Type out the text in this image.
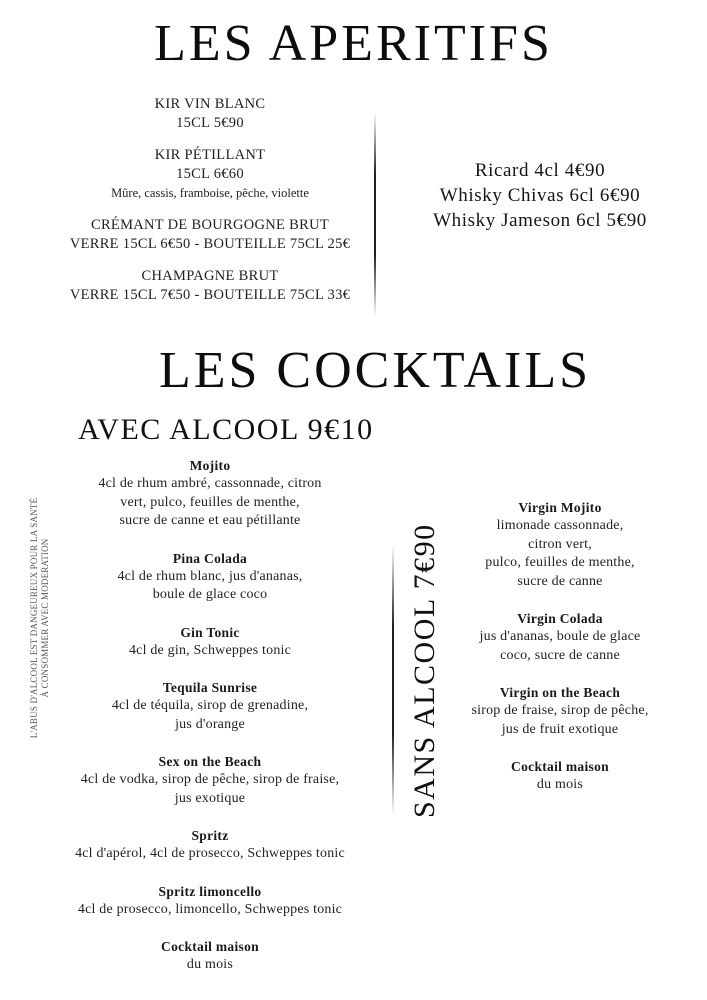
LES APERITIFS
KIR VIN BLANC
15CL 5€90
KIR PÉTILLANT
15CL 6€60
Mûre, cassis, framboise, pêche, violette
CRÉMANT DE BOURGOGNE BRUT
VERRE 15CL 6€50 - BOUTEILLE 75CL 25€
CHAMPAGNE BRUT
VERRE 15CL 7€50 - BOUTEILLE 75CL 33€
Ricard 4cl 4€90
Whisky Chivas 6cl 6€90
Whisky Jameson 6cl 5€90
LES COCKTAILS
AVEC ALCOOL 9€10
Mojito
4cl de rhum ambré, cassonnade, citron
vert, pulco, feuilles de menthe,
sucre de canne et eau pétillante
Pina Colada
4cl de rhum blanc, jus d'ananas,
boule de glace coco
Gin Tonic
4cl de gin, Schweppes tonic
Tequila Sunrise
4cl de téquila, sirop de grenadine,
jus d'orange
Sex on the Beach
4cl de vodka, sirop de pêche, sirop de fraise,
jus exotique
Spritz
4cl d'apérol, 4cl de prosecco, Schweppes tonic
Spritz limoncello
4cl de prosecco, limoncello, Schweppes tonic
Cocktail maison
du mois
SANS ALCOOL 7€90
Virgin Mojito
limonade cassonnade,
citron vert,
pulco, feuilles de menthe,
sucre de canne
Virgin Colada
jus d'ananas, boule de glace
coco, sucre de canne
Virgin on the Beach
sirop de fraise, sirop de pêche,
jus de fruit exotique
Cocktail maison
du mois
L'ABUS D'ALCOOL EST DANGEUREUX POUR LA SANTÉ À CONSOMMER AVEC MODERATION
